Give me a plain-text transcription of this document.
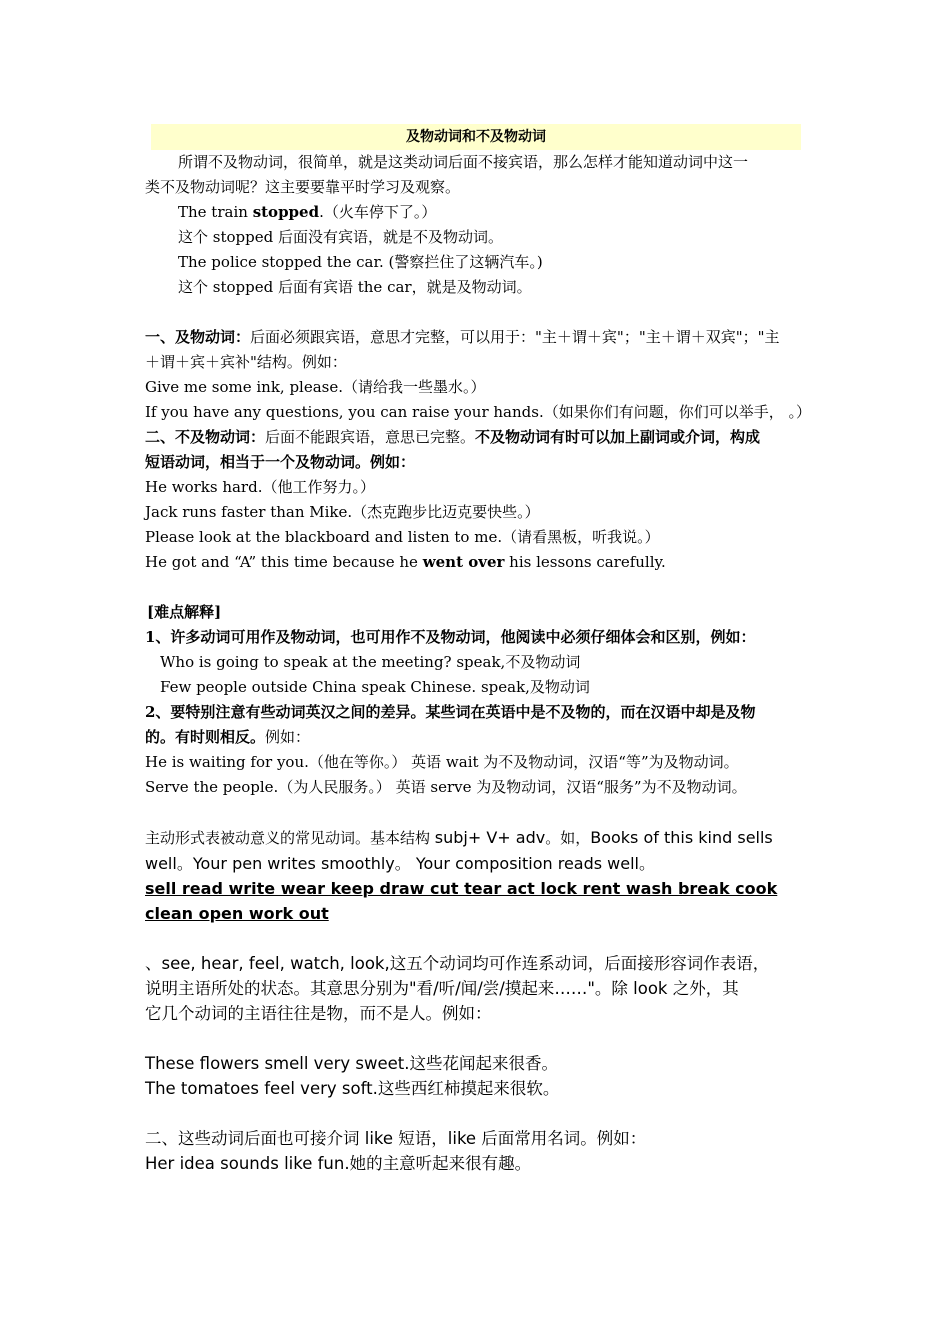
及物动词和不及物动词
所谓不及物动词，很简单，就是这类动词后面不接宾语，那么怎样才能知道动词中这一
类不及物动词呢？这主要要靠平时学习及观察。
The train stopped.（火车停下了。）
这个 stopped 后面没有宾语，就是不及物动词。
The police stopped the car. (警察拦住了这辆汽车。)
这个 stopped 后面有宾语 the car，就是及物动词。
一、及物动词：后面必须跟宾语，意思才完整，可以用于："主＋谓＋宾"；"主＋谓＋双宾"；"主
＋谓＋宾＋宾补"结构。例如：
Give me some ink, please.（请给我一些墨水。）
If you have any questions, you can raise your hands.（如果你们有问题，你们可以举手， 。）
二、不及物动词：后面不能跟宾语，意思已完整。不及物动词有时可以加上副词或介词，构成
短语动词，相当于一个及物动词。例如：
He works hard.（他工作努力。）
Jack runs faster than Mike.（杰克跑步比迈克要快些。）
Please look at the blackboard and listen to me.（请看黑板，听我说。）
He got and “A” this time because he went over his lessons carefully.
[难点解释]
1、许多动词可用作及物动词，也可用作不及物动词，他阅读中必须仔细体会和区别，例如：
Who is going to speak at the meeting? speak,不及物动词
Few people outside China speak Chinese. speak,及物动词
2、要特别注意有些动词英汉之间的差异。某些词在英语中是不及物的，而在汉语中却是及物
的。有时则相反。例如：
He is waiting for you.（他在等你。） 英语 wait 为不及物动词，汉语“等”为及物动词。
Serve the people.（为人民服务。） 英语 serve 为及物动词，汉语“服务”为不及物动词。
主动形式表被动意义的常见动词。基本结构 subj+ V+ adv。如，Books of this kind sells
well。Your pen writes smoothly。 Your composition reads well。
sell read write wear keep draw cut tear act lock rent wash break cook
clean open work out
、see, hear, feel, watch, look,这五个动词均可作连系动词，后面接形容词作表语，
说明主语所处的状态。其意思分别为"看/听/闻/尝/摸起来……"。除 look 之外，其
它几个动词的主语往往是物，而不是人。例如：
These flowers smell very sweet.这些花闻起来很香。
The tomatoes feel very soft.这些西红柿摸起来很软。
二、这些动词后面也可接介词 like 短语，like 后面常用名词。例如：
Her idea sounds like fun.她的主意听起来很有趣。
